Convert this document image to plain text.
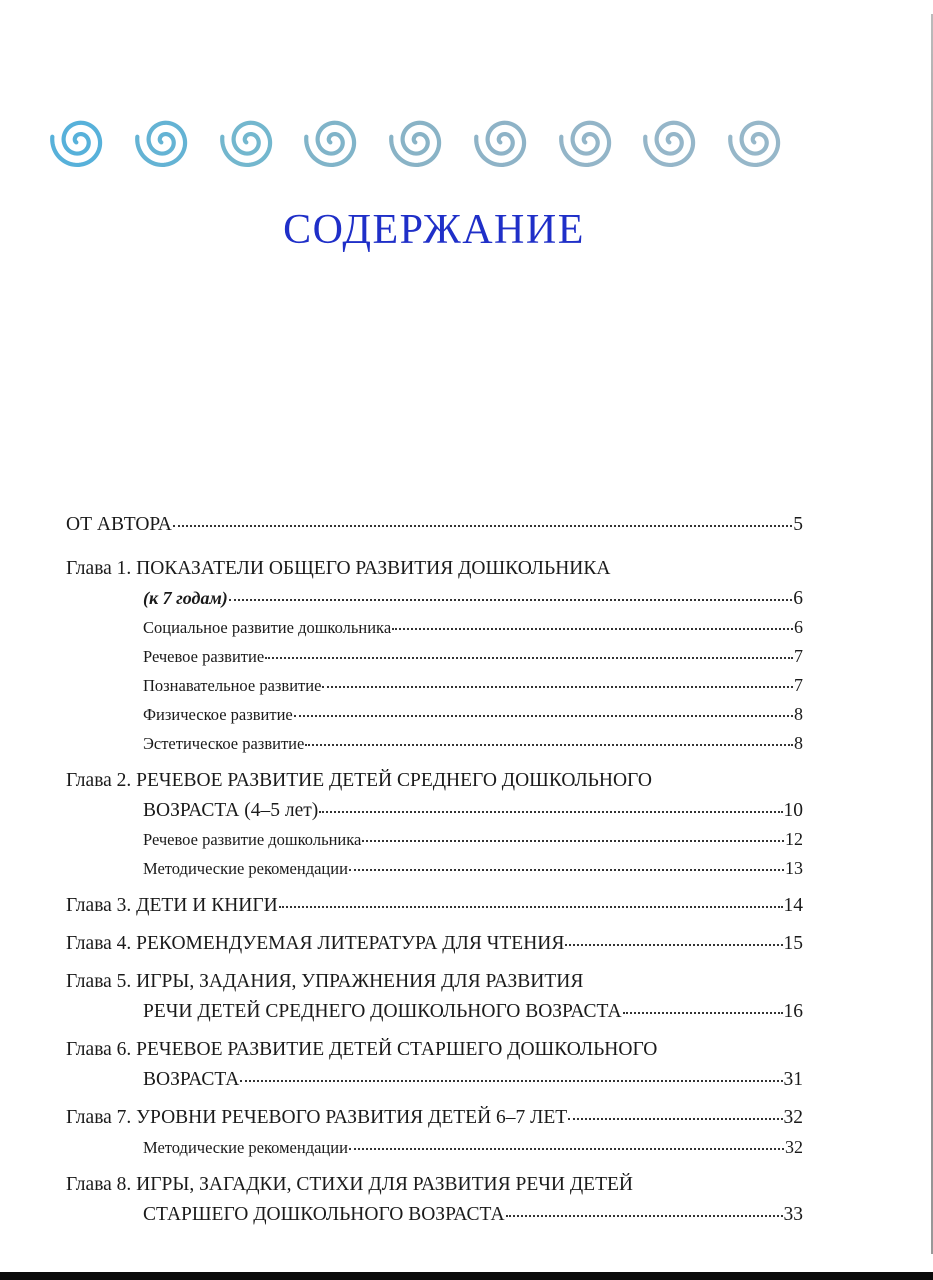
СОДЕРЖАНИЕ
ОТ АВТОРА	5
Глава 1. ПОКАЗАТЕЛИ ОБЩЕГО РАЗВИТИЯ ДОШКОЛЬНИКА
(к 7 годам)	6
Социальное развитие дошкольника	6
Речевое развитие	7
Познавательное развитие	7
Физическое развитие	8
Эстетическое развитие	8
Глава 2. РЕЧЕВОЕ РАЗВИТИЕ ДЕТЕЙ СРЕДНЕГО ДОШКОЛЬНОГО
ВОЗРАСТА (4–5 лет)	10
Речевое развитие дошкольника	12
Методические рекомендации	13
Глава 3. ДЕТИ И КНИГИ	14
Глава 4. РЕКОМЕНДУЕМАЯ ЛИТЕРАТУРА ДЛЯ ЧТЕНИЯ	15
Глава 5. ИГРЫ, ЗАДАНИЯ, УПРАЖНЕНИЯ ДЛЯ РАЗВИТИЯ
РЕЧИ ДЕТЕЙ СРЕДНЕГО ДОШКОЛЬНОГО ВОЗРАСТА	16
Глава 6. РЕЧЕВОЕ РАЗВИТИЕ ДЕТЕЙ СТАРШЕГО ДОШКОЛЬНОГО
ВОЗРАСТА	31
Глава 7. УРОВНИ РЕЧЕВОГО РАЗВИТИЯ ДЕТЕЙ 6–7 ЛЕТ	32
Методические рекомендации	32
Глава 8. ИГРЫ, ЗАГАДКИ, СТИХИ ДЛЯ РАЗВИТИЯ РЕЧИ ДЕТЕЙ
СТАРШЕГО ДОШКОЛЬНОГО ВОЗРАСТА	33
